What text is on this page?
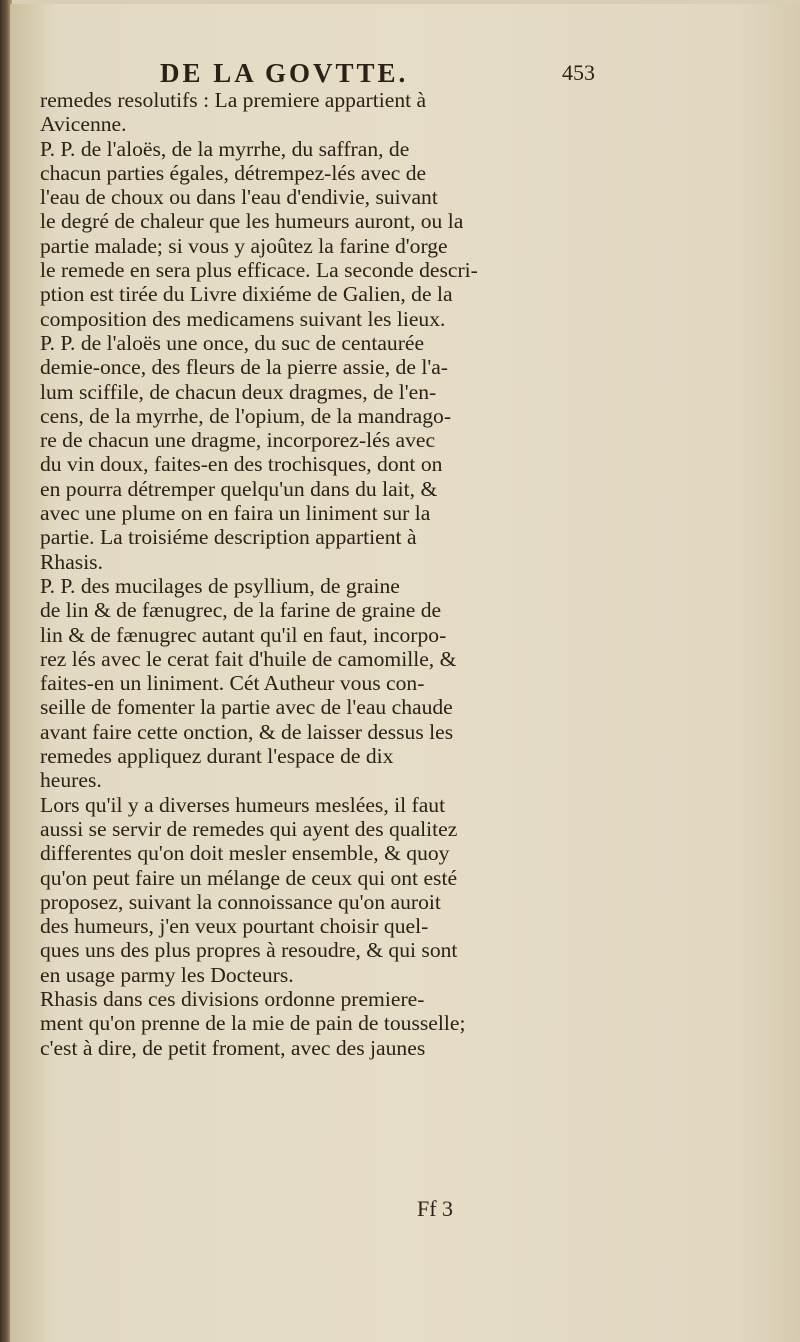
DE LA GOVTTE.	453
remedes resolutifs : La premiere appartient à
Avicenne.
P. P. de l'aloës, de la myrrhe, du saffran, de
chacun parties égales, détrempez-lés avec de
l'eau de choux ou dans l'eau d'endivie, suivant
le degré de chaleur que les humeurs auront, ou la
partie malade; si vous y ajoûtez la farine d'orge
le remede en sera plus efficace. La seconde descri-
ption est tirée du Livre dixiéme de Galien, de la
composition des medicamens suivant les lieux.
P. P. de l'aloës une once, du suc de centaurée
demie-once, des fleurs de la pierre assie, de l'a-
lum sciffile, de chacun deux dragmes, de l'en-
cens, de la myrrhe, de l'opium, de la mandrago-
re de chacun une dragme, incorporez-lés avec
du vin doux, faites-en des trochisques, dont on
en pourra détremper quelqu'un dans du lait, &
avec une plume on en faira un liniment sur la
partie. La troisiéme description appartient à
Rhasis.
P. P. des mucilages de psyllium, de graine
de lin & de fænugrec, de la farine de graine de
lin & de fænugrec autant qu'il en faut, incorpo-
rez lés avec le cerat fait d'huile de camomille, &
faites-en un liniment. Cét Autheur vous con-
seille de fomenter la partie avec de l'eau chaude
avant faire cette onction, & de laisser dessus les
remedes appliquez durant l'espace de dix
heures.
Lors qu'il y a diverses humeurs meslées, il faut
aussi se servir de remedes qui ayent des qualitez
differentes qu'on doit mesler ensemble, & quoy
qu'on peut faire un mélange de ceux qui ont esté
proposez, suivant la connoissance qu'on auroit
des humeurs, j'en veux pourtant choisir quel-
ques uns des plus propres à resoudre, & qui sont
en usage parmy les Docteurs.
Rhasis dans ces divisions ordonne premiere-
ment qu'on prenne de la mie de pain de tousselle;
c'est à dire, de petit froment, avec des jaunes
Ff 3
